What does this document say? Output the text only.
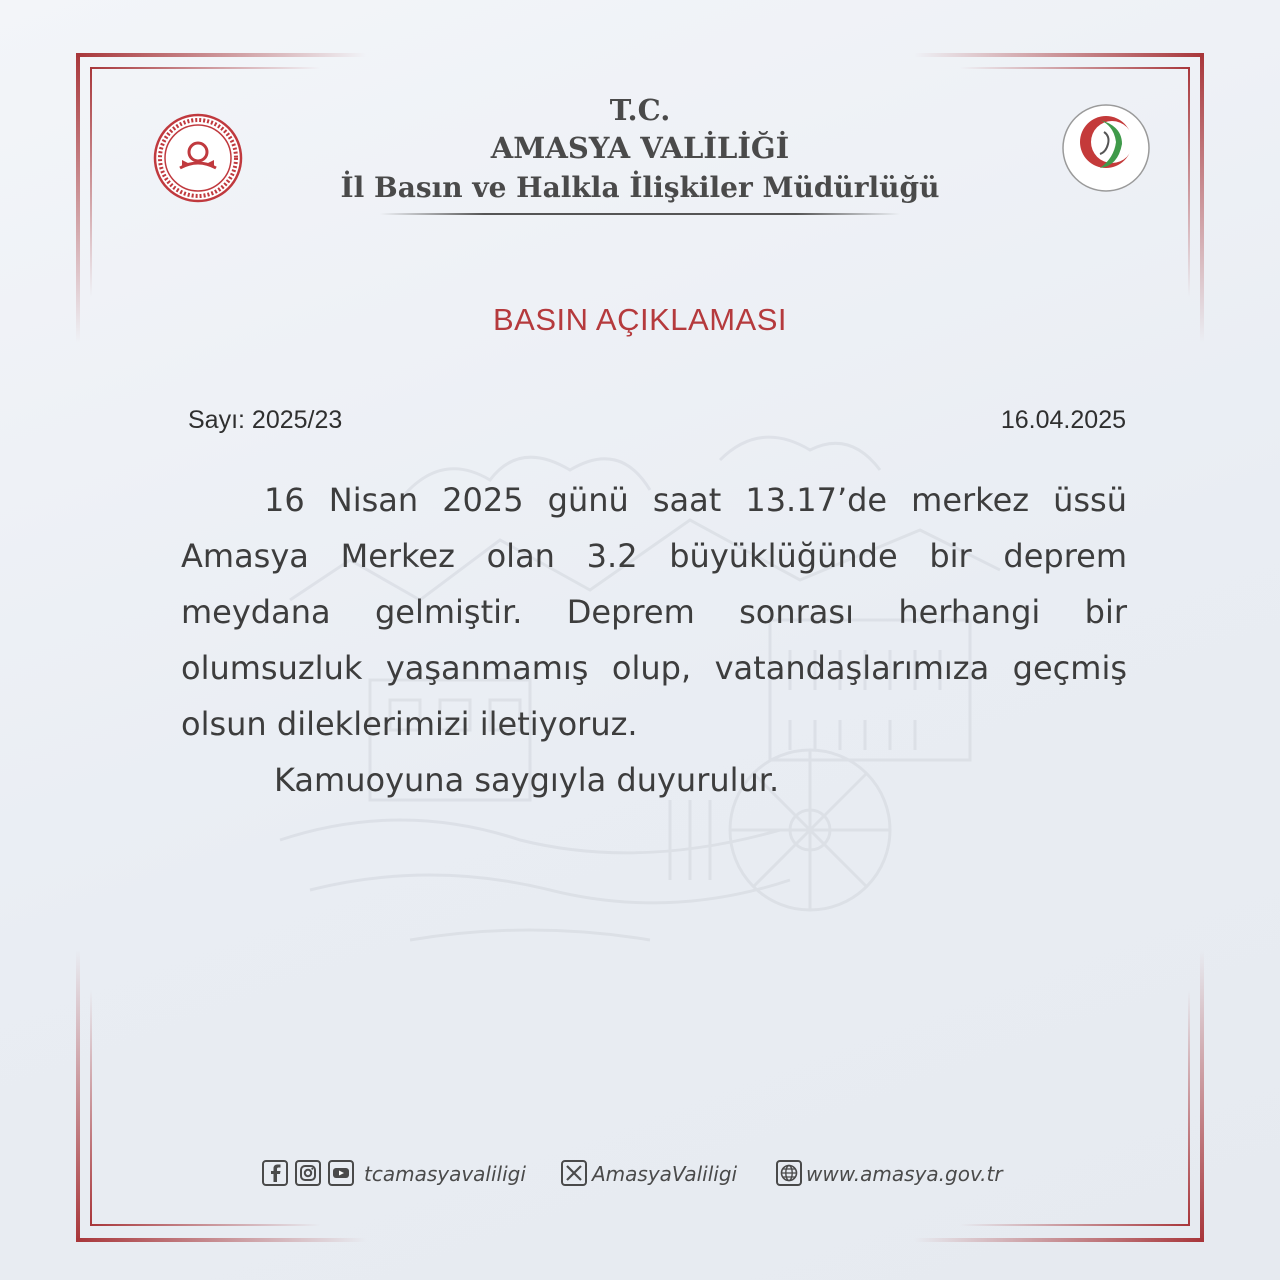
T.C.
AMASYA VALİLİĞİ
İl Basın ve Halkla İlişkiler Müdürlüğü
BASIN AÇIKLAMASI
Sayı: 2025/23	16.04.2025

16 Nisan 2025 günü saat 13.17’de merkez üssü Amasya Merkez olan 3.2 büyüklüğünde bir deprem meydana gelmiştir. Deprem sonrası herhangi bir olumsuzluk yaşanmamış olup, vatandaşlarımıza geçmiş olsun dileklerimizi iletiyoruz.

Kamuoyuna saygıyla duyurulur.

tcamasyavaliligi	AmasyaValiligi	www.amasya.gov.tr
